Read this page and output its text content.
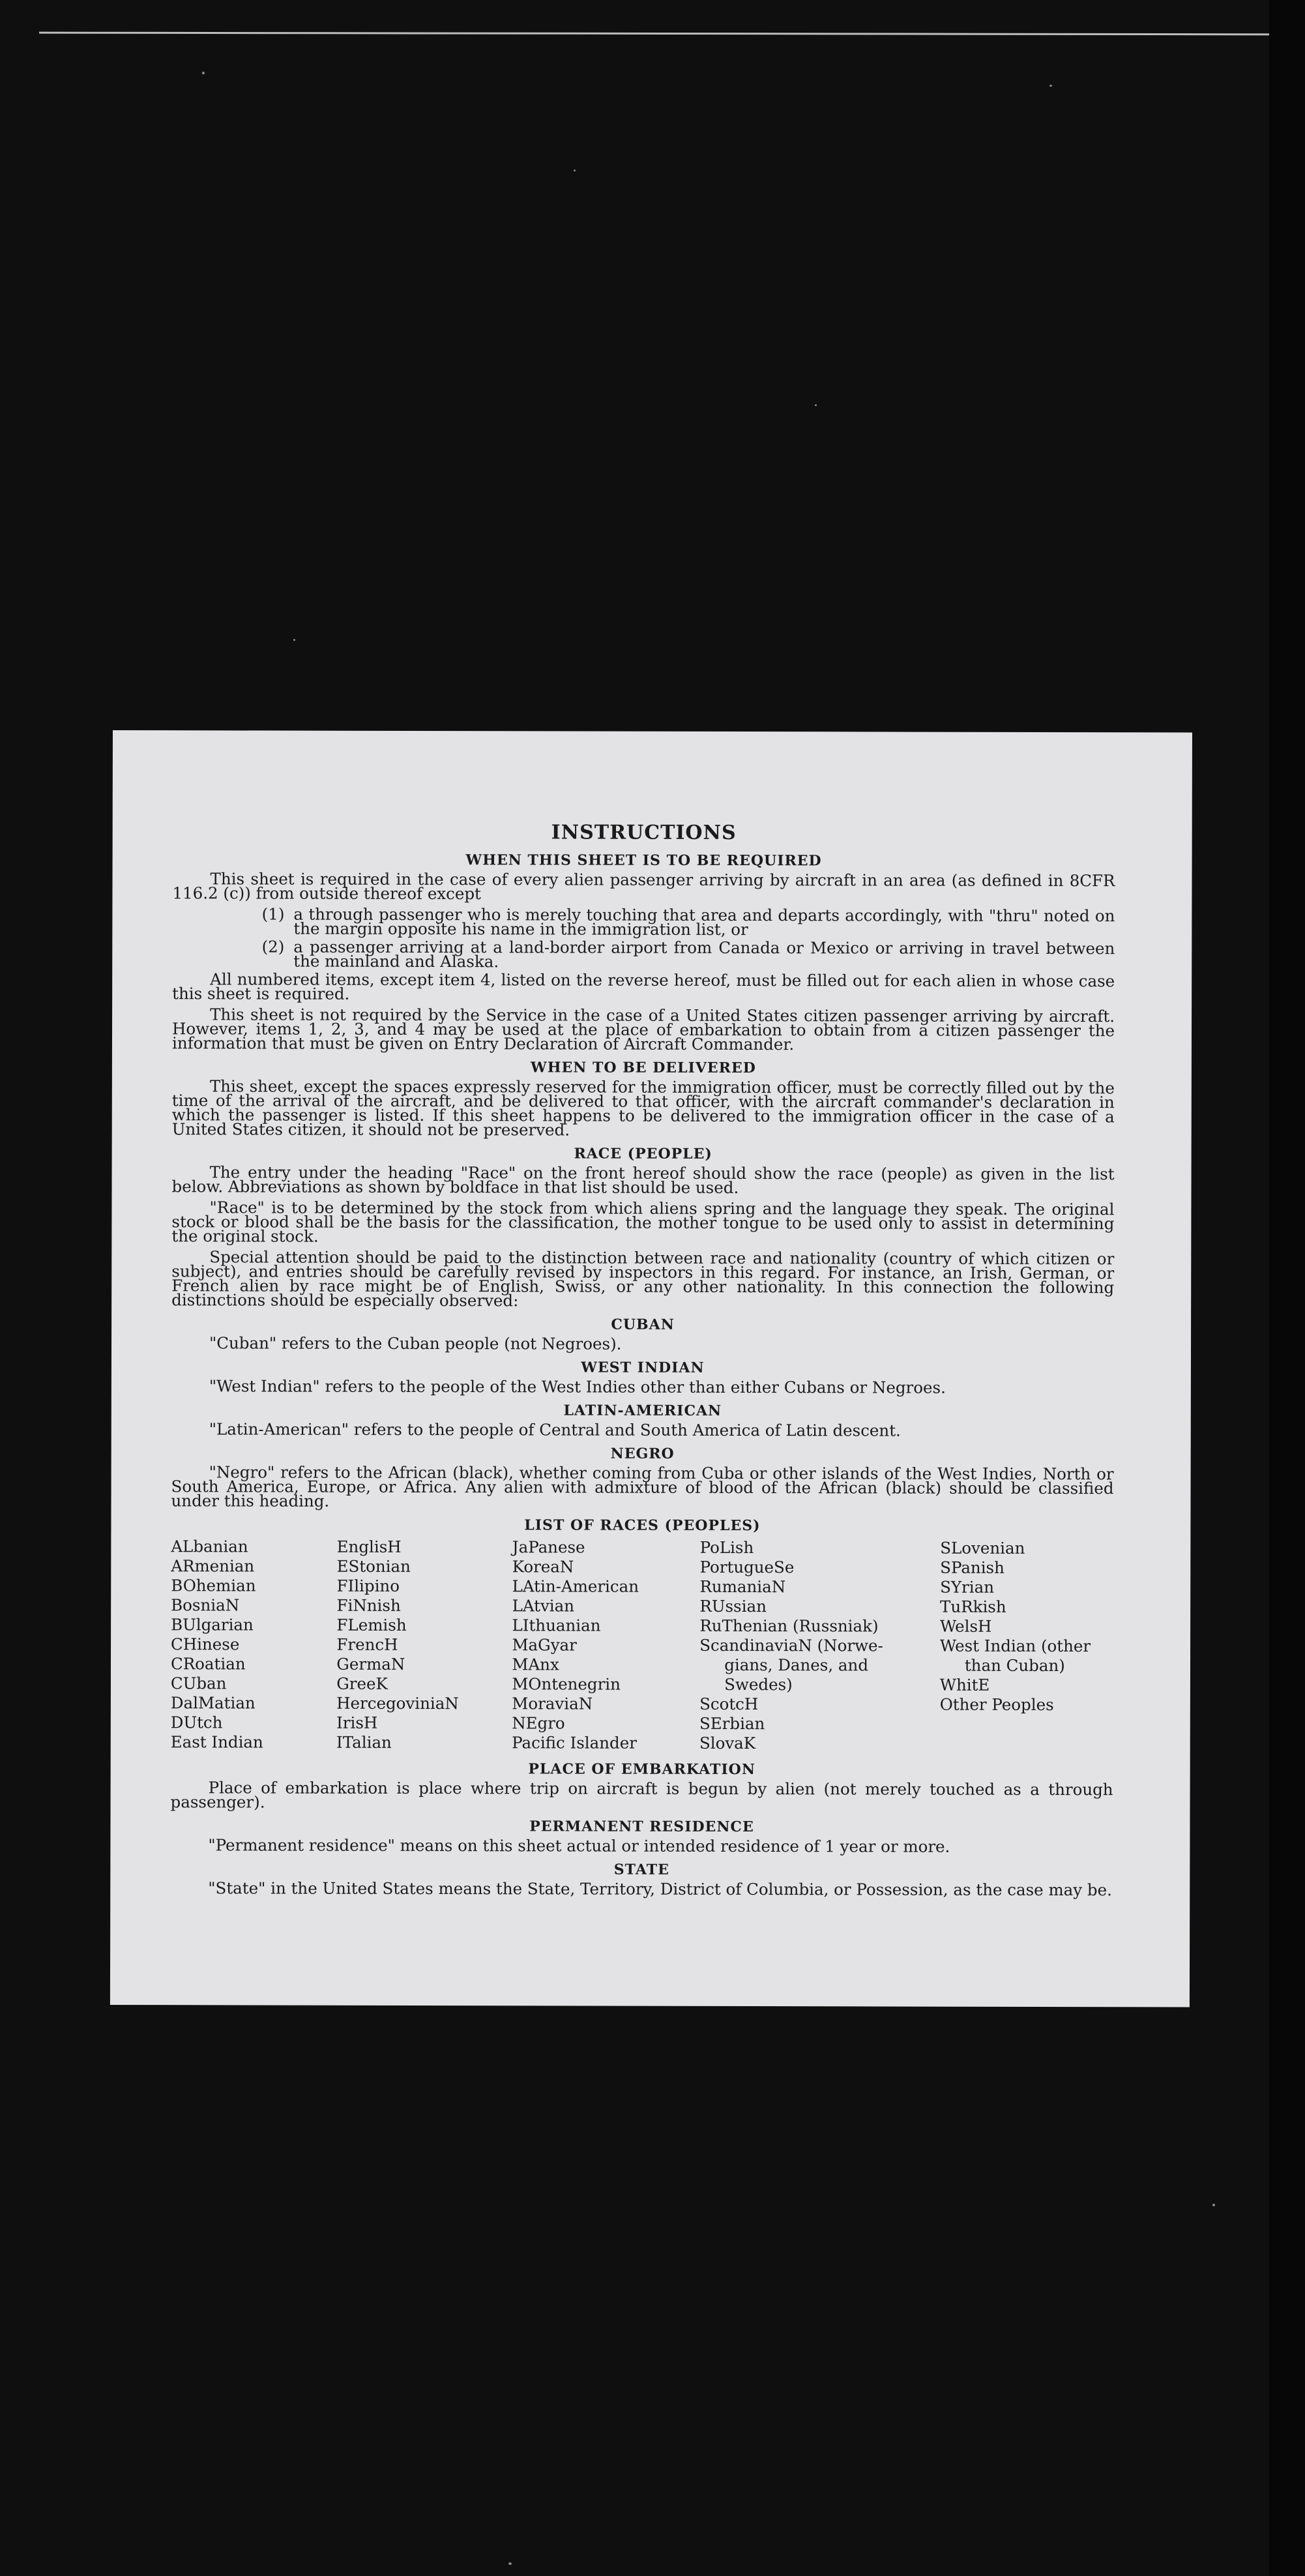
INSTRUCTIONS
WHEN THIS SHEET IS TO BE REQUIRED
This sheet is required in the case of every alien passenger arriving by aircraft in an area (as defined in 8CFR 116.2 (c)) from outside thereof except
(1) a through passenger who is merely touching that area and departs accordingly, with "thru" noted on the margin opposite his name in the immigration list, or
(2) a passenger arriving at a land-border airport from Canada or Mexico or arriving in travel between the mainland and Alaska.
All numbered items, except item 4, listed on the reverse hereof, must be filled out for each alien in whose case this sheet is required.
This sheet is not required by the Service in the case of a United States citizen passenger arriving by aircraft. However, items 1, 2, 3, and 4 may be used at the place of embarkation to obtain from a citizen passenger the information that must be given on Entry Declaration of Aircraft Commander.
WHEN TO BE DELIVERED
This sheet, except the spaces expressly reserved for the immigration officer, must be correctly filled out by the time of the arrival of the aircraft, and be delivered to that officer, with the aircraft commander's declaration in which the passenger is listed. If this sheet happens to be delivered to the immigration officer in the case of a United States citizen, it should not be preserved.
RACE (PEOPLE)
The entry under the heading "Race" on the front hereof should show the race (people) as given in the list below. Abbreviations as shown by boldface in that list should be used.
"Race" is to be determined by the stock from which aliens spring and the language they speak. The original stock or blood shall be the basis for the classification, the mother tongue to be used only to assist in determining the original stock.
Special attention should be paid to the distinction between race and nationality (country of which citizen or subject), and entries should be carefully revised by inspectors in this regard. For instance, an Irish, German, or French alien by race might be of English, Swiss, or any other nationality. In this connection the following distinctions should be especially observed:
CUBAN
"Cuban" refers to the Cuban people (not Negroes).
WEST INDIAN
"West Indian" refers to the people of the West Indies other than either Cubans or Negroes.
LATIN-AMERICAN
"Latin-American" refers to the people of Central and South America of Latin descent.
NEGRO
"Negro" refers to the African (black), whether coming from Cuba or other islands of the West Indies, North or South America, Europe, or Africa. Any alien with admixture of blood of the African (black) should be classified under this heading.
LIST OF RACES (PEOPLES)
ALbanian
ARmenian
BOhemian
BosniaN
BUlgarian
CHinese
CRoatian
CUban
DalMatian
DUtch
East Indian
EnglisH
EStonian
FIlipino
FiNnish
FLemish
FrencH
GermaN
GreeK
HercegoviniaN
IrisH
ITalian
JaPanese
KoreaN
LAtin-American
LAtvian
LIthuanian
MaGyar
MAnx
MOntenegrin
MoraviaN
NEgro
Pacific Islander
PoLish
PortugueSe
RumaniaN
RUssian
RuThenian (Russniak)
ScandinaviaN (Norwe-
gians, Danes, and
Swedes)
ScotcH
SErbian
SlovaK
SLovenian
SPanish
SYrian
TuRkish
WelsH
West Indian (other
than Cuban)
WhitE
Other Peoples
PLACE OF EMBARKATION
Place of embarkation is place where trip on aircraft is begun by alien (not merely touched as a through passenger).
PERMANENT RESIDENCE
"Permanent residence" means on this sheet actual or intended residence of 1 year or more.
STATE
"State" in the United States means the State, Territory, District of Columbia, or Possession, as the case may be.
